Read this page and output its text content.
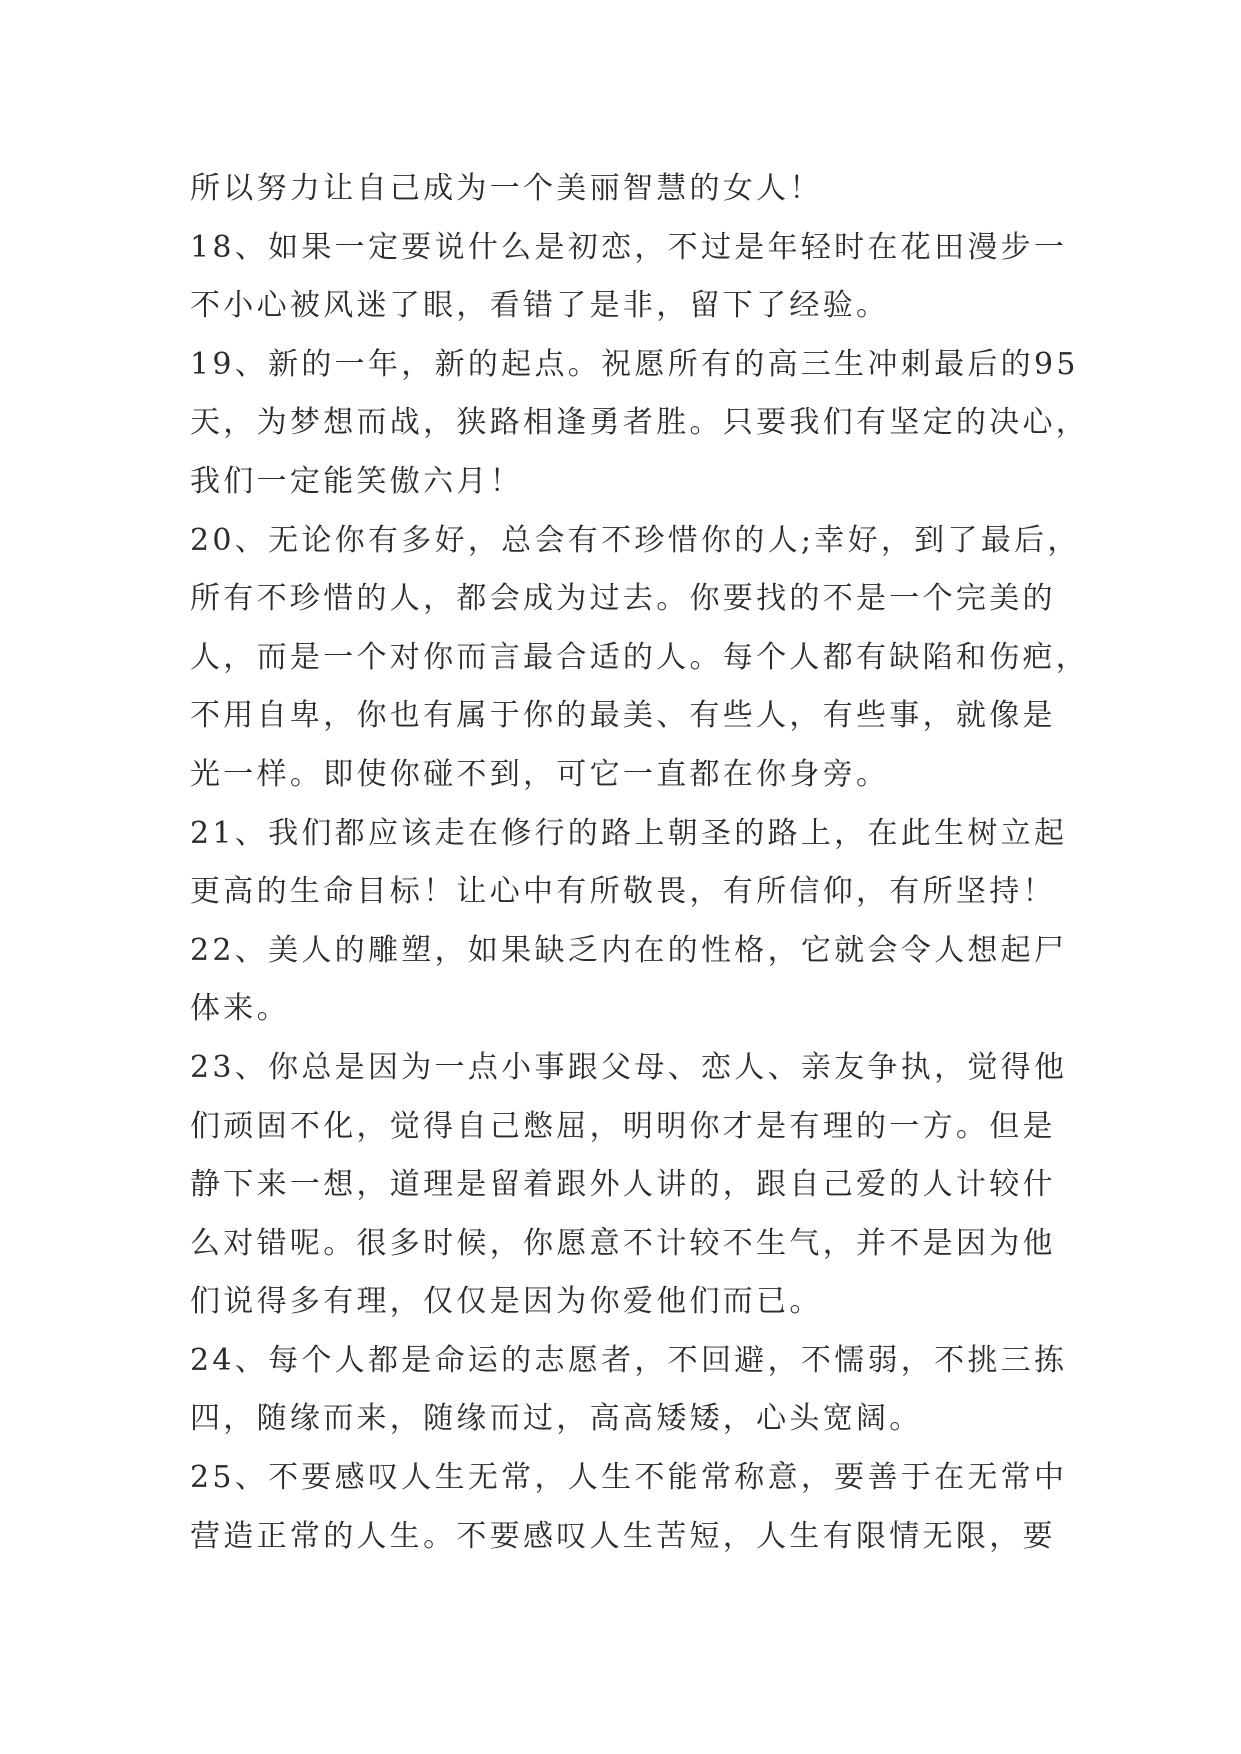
所以努力让自己成为一个美丽智慧的女人！
18、如果一定要说什么是初恋，不过是年轻时在花田漫步一
不小心被风迷了眼，看错了是非，留下了经验。
19、新的一年，新的起点。祝愿所有的高三生冲刺最后的95
天，为梦想而战，狭路相逢勇者胜。只要我们有坚定的决心，
我们一定能笑傲六月！
20、无论你有多好，总会有不珍惜你的人;幸好，到了最后，
所有不珍惜的人，都会成为过去。你要找的不是一个完美的
人，而是一个对你而言最合适的人。每个人都有缺陷和伤疤，
不用自卑，你也有属于你的最美、有些人，有些事，就像是
光一样。即使你碰不到，可它一直都在你身旁。
21、我们都应该走在修行的路上朝圣的路上，在此生树立起
更高的生命目标！让心中有所敬畏，有所信仰，有所坚持！
22、美人的雕塑，如果缺乏内在的性格，它就会令人想起尸
体来。
23、你总是因为一点小事跟父母、恋人、亲友争执，觉得他
们顽固不化，觉得自己憋屈，明明你才是有理的一方。但是
静下来一想，道理是留着跟外人讲的，跟自己爱的人计较什
么对错呢。很多时候，你愿意不计较不生气，并不是因为他
们说得多有理，仅仅是因为你爱他们而已。
24、每个人都是命运的志愿者，不回避，不懦弱，不挑三拣
四，随缘而来，随缘而过，高高矮矮，心头宽阔。
25、不要感叹人生无常，人生不能常称意，要善于在无常中
营造正常的人生。不要感叹人生苦短，人生有限情无限，要
